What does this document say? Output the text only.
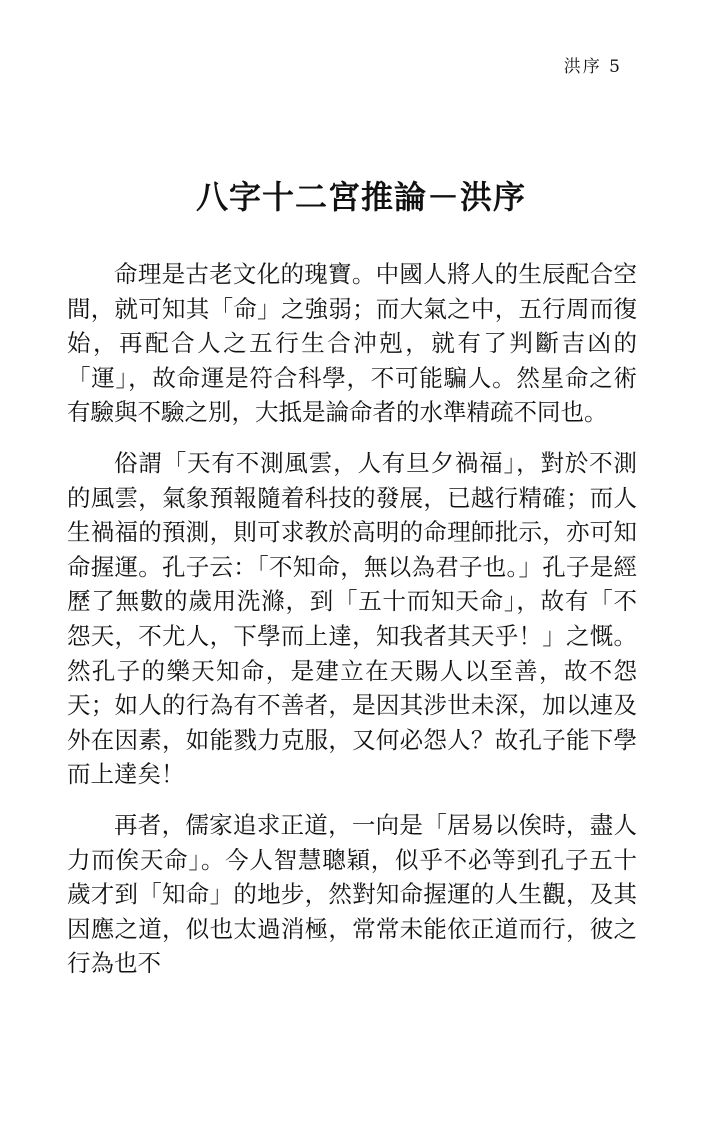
洪序 5
八字十二宮推論－洪序

命理是古老文化的瑰寶。中國人將人的生辰配合空間，就可知其「命」之強弱；而大氣之中，五行周而復始，再配合人之五行生合沖剋，就有了判斷吉凶的「運」，故命運是符合科學，不可能騙人。然星命之術有驗與不驗之別，大抵是論命者的水準精疏不同也。

俗謂「天有不測風雲，人有旦夕禍福」，對於不測的風雲，氣象預報隨着科技的發展，已越行精確；而人生禍福的預測，則可求教於高明的命理師批示，亦可知命握運。孔子云：「不知命，無以為君子也。」孔子是經歷了無數的歲用洗滌，到「五十而知天命」，故有「不怨天，不尤人，下學而上達，知我者其天乎！」之慨。然孔子的樂天知命，是建立在天賜人以至善，故不怨天；如人的行為有不善者，是因其涉世未深，加以連及外在因素，如能戮力克服，又何必怨人？故孔子能下學而上達矣！

再者，儒家追求正道，一向是「居易以俟時，盡人力而俟天命」。今人智慧聰穎，似乎不必等到孔子五十歲才到「知命」的地步，然對知命握運的人生觀，及其因應之道，似也太過消極，常常未能依正道而行，彼之行為也不
